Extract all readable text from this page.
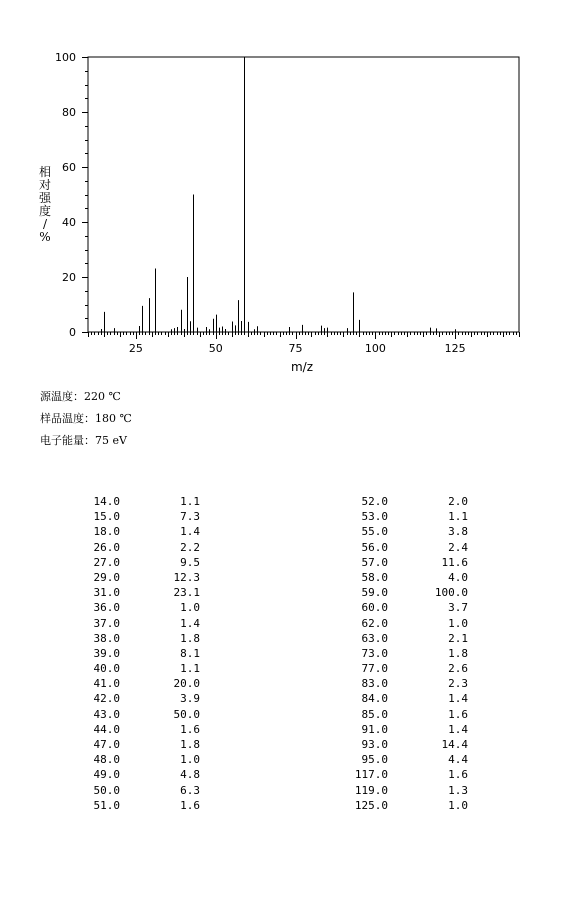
25	50	75	100	125
0
20
40
60
80
100
m/z
相
对
强
度
/
%
源温度：220 ℃
样品温度：180 ℃
电子能量：75 eV
14.0	1.1
15.0	7.3
18.0	1.4
26.0	2.2
27.0	9.5
29.0	12.3
31.0	23.1
36.0	1.0
37.0	1.4
38.0	1.8
39.0	8.1
40.0	1.1
41.0	20.0
42.0	3.9
43.0	50.0
44.0	1.6
47.0	1.8
48.0	1.0
49.0	4.8
50.0	6.3
51.0	1.6
52.0	2.0
53.0	1.1
55.0	3.8
56.0	2.4
57.0	11.6
58.0	4.0
59.0	100.0
60.0	3.7
62.0	1.0
63.0	2.1
73.0	1.8
77.0	2.6
83.0	2.3
84.0	1.4
85.0	1.6
91.0	1.4
93.0	14.4
95.0	4.4
117.0	1.6
119.0	1.3
125.0	1.0
